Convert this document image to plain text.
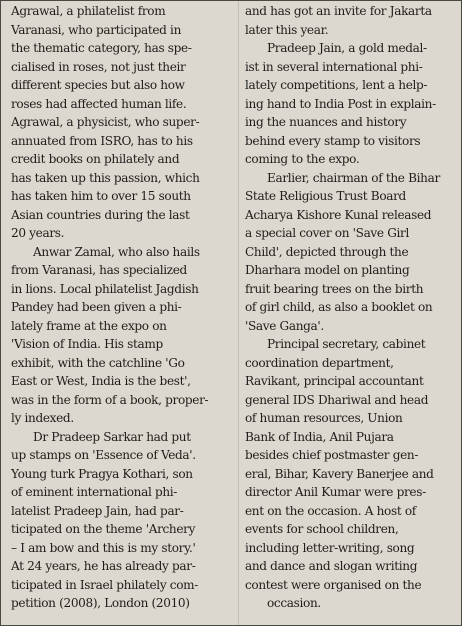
Agrawal, a philatelist from
Varanasi, who participated in
the thematic category, has spe-
cialised in roses, not just their
different species but also how
roses had affected human life.
Agrawal, a physicist, who super-
annuated from ISRO, has to his
credit books on philately and
has taken up this passion, which
has taken him to over 15 south
Asian countries during the last
20 years.
Anwar Zamal, who also hails
from Varanasi, has specialized
in lions. Local philatelist Jagdish
Pandey had been given a phi-
lately frame at the expo on
'Vision of India. His stamp
exhibit, with the catchline 'Go
East or West, India is the best',
was in the form of a book, proper-
ly indexed.
Dr Pradeep Sarkar had put
up stamps on 'Essence of Veda'.
Young turk Pragya Kothari, son
of eminent international phi-
latelist Pradeep Jain, had par-
ticipated on the theme 'Archery
– I am bow and this is my story.'
At 24 years, he has already par-
ticipated in Israel philately com-
petition (2008), London (2010)
and has got an invite for Jakarta
later this year.
Pradeep Jain, a gold medal-
ist in several international phi-
lately competitions, lent a help-
ing hand to India Post in explain-
ing the nuances and history
behind every stamp to visitors
coming to the expo.
Earlier, chairman of the Bihar
State Religious Trust Board
Acharya Kishore Kunal released
a special cover on 'Save Girl
Child', depicted through the
Dharhara model on planting
fruit bearing trees on the birth
of girl child, as also a booklet on
'Save Ganga'.
Principal secretary, cabinet
coordination department,
Ravikant, principal accountant
general IDS Dhariwal and head
of human resources, Union
Bank of India, Anil Pujara
besides chief postmaster gen-
eral, Bihar, Kavery Banerjee and
director Anil Kumar were pres-
ent on the occasion. A host of
events for school children,
including letter-writing, song
and dance and slogan writing
contest were organised on the
occasion.
